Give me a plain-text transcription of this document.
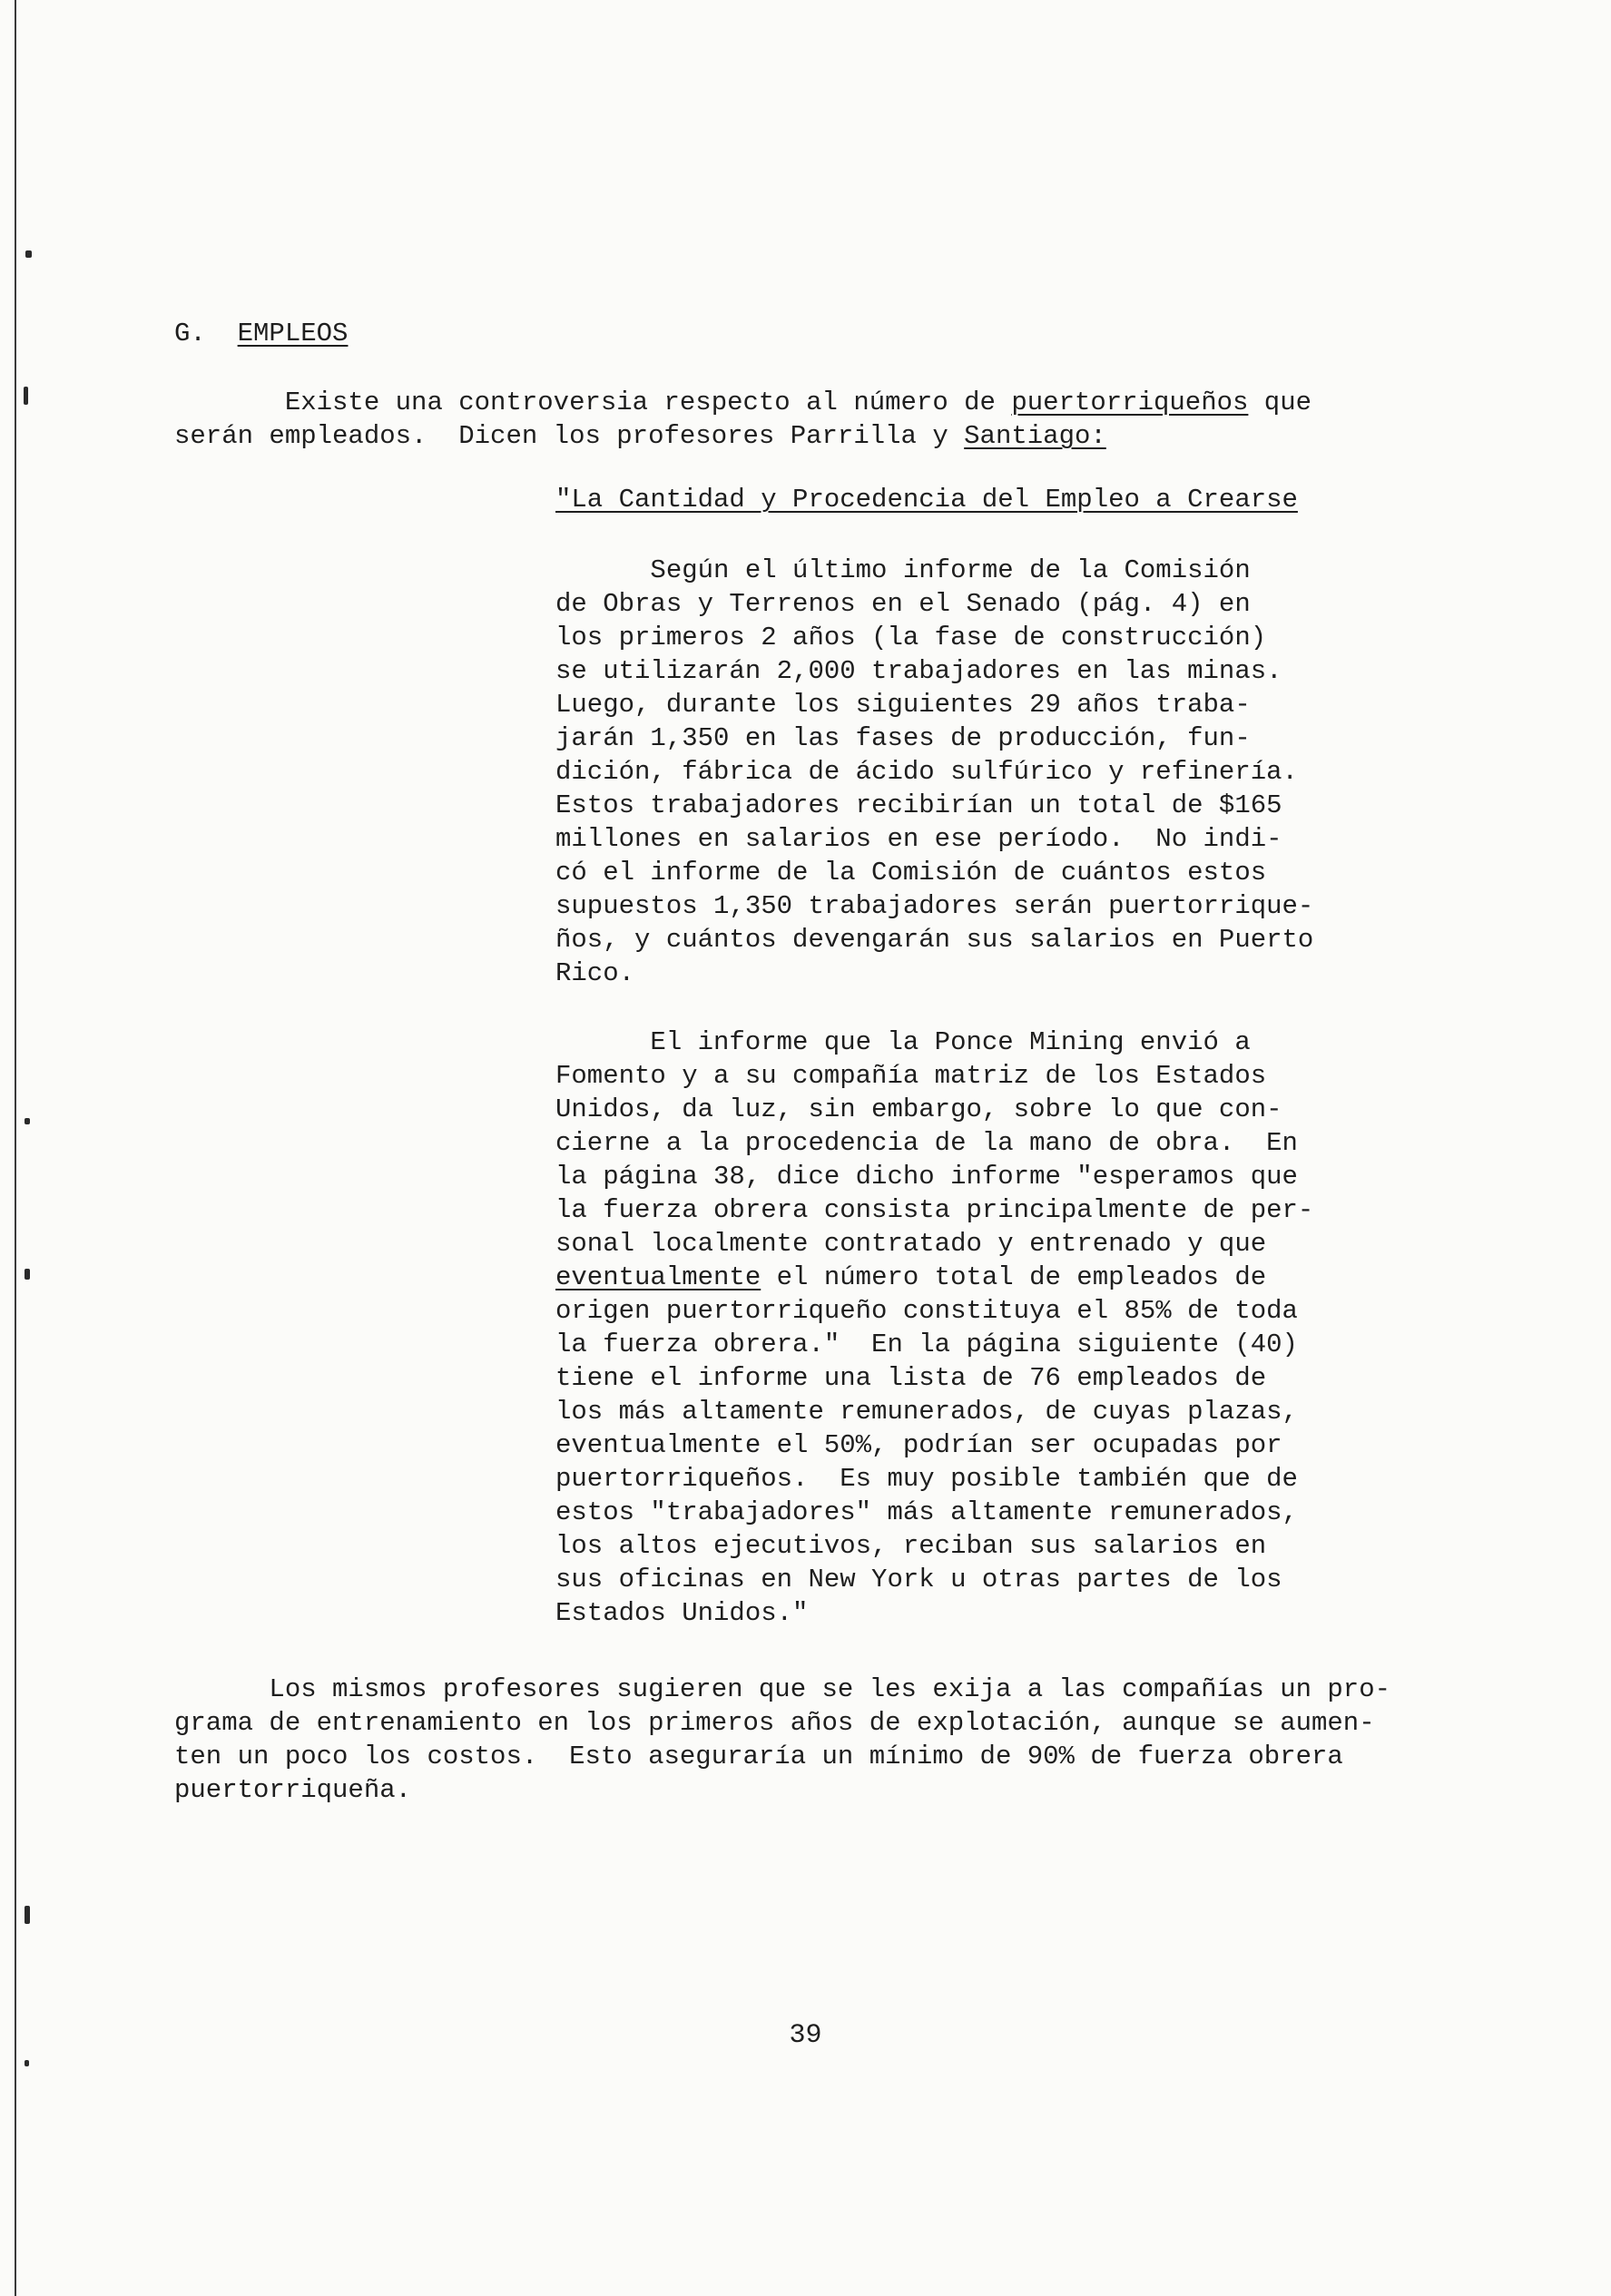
G. EMPLEOS

Existe una controversia respecto al número de puertorriqueños que
serán empleados.  Dicen los profesores Parrilla y Santiago:

"La Cantidad y Procedencia del Empleo a Crearse

Según el último informe de la Comisión
de Obras y Terrenos en el Senado (pág. 4) en
los primeros 2 años (la fase de construcción)
se utilizarán 2,000 trabajadores en las minas.
Luego, durante los siguientes 29 años traba-
jarán 1,350 en las fases de producción, fun-
dición, fábrica de ácido sulfúrico y refinería.
Estos trabajadores recibirían un total de $165
millones en salarios en ese período.  No indi-
có el informe de la Comisión de cuántos estos
supuestos 1,350 trabajadores serán puertorrique-
ños, y cuántos devengarán sus salarios en Puerto
Rico.

El informe que la Ponce Mining envió a
Fomento y a su compañía matriz de los Estados
Unidos, da luz, sin embargo, sobre lo que con-
cierne a la procedencia de la mano de obra.  En
la página 38, dice dicho informe "esperamos que
la fuerza obrera consista principalmente de per-
sonal localmente contratado y entrenado y que
eventualmente el número total de empleados de
origen puertorriqueño constituya el 85% de toda
la fuerza obrera."  En la página siguiente (40)
tiene el informe una lista de 76 empleados de
los más altamente remunerados, de cuyas plazas,
eventualmente el 50%, podrían ser ocupadas por
puertorriqueños.  Es muy posible también que de
estos "trabajadores" más altamente remunerados,
los altos ejecutivos, reciban sus salarios en
sus oficinas en New York u otras partes de los
Estados Unidos."

Los mismos profesores sugieren que se les exija a las compañías un pro-
grama de entrenamiento en los primeros años de explotación, aunque se aumen-
ten un poco los costos.  Esto aseguraría un mínimo de 90% de fuerza obrera
puertorriqueña.

39
